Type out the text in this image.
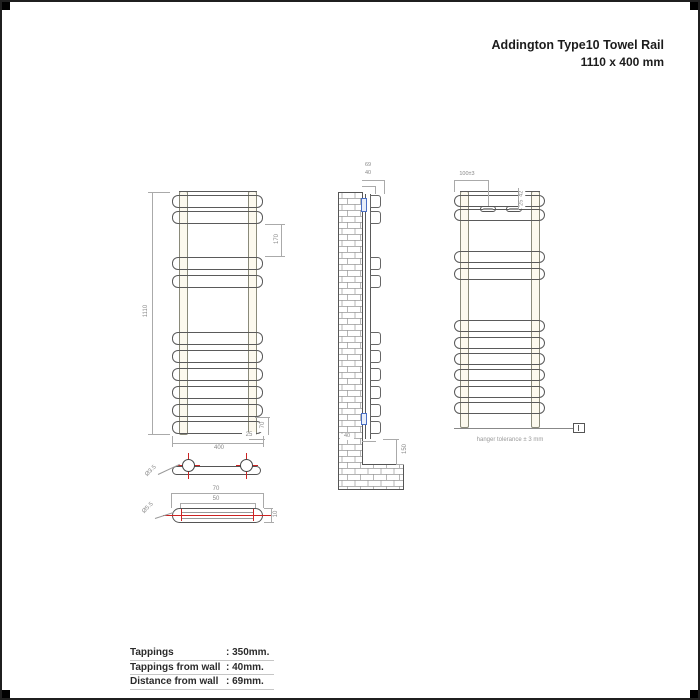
Addington Type10 Towel Rail
1110 x 400 mm
1110
170
400
25
70
Ø3.5
70
50
10
Ø5.5
69
40
40
150
100±3
42
25
hanger tolerance ± 3 mm
Tappings	: 350mm.
Tappings from wall : 40mm.
Distance from wall : 69mm.
